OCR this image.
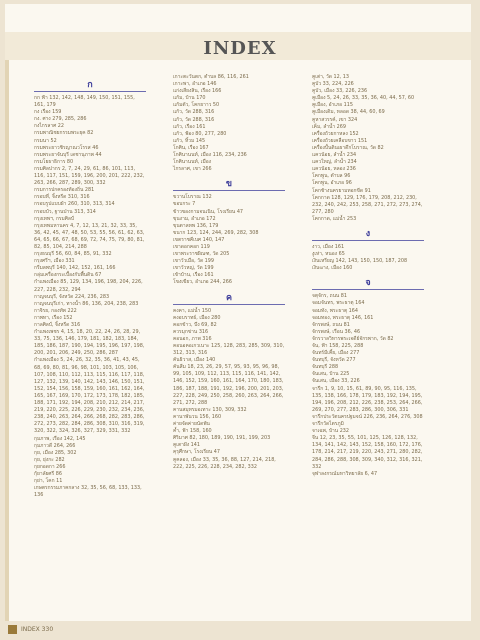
INDEX
ก
กก ฟ้า 132, 142, 148, 149, 150, 151, 155, 161, 179
กง เรือง 159
กง. ศาง 279, 285, 286
กงไกรลาศ 22
กรมพาณิชยกรรมพระยุค 82
กรมนา 52
กรมพระยาวชิรญาณวโรรส 46
กรมพระยาจันบุรี เดชานุภาพ 44
กรมโยธาธิการ 80
กรมศิลปากร 2, 7, 24, 29, 61, 86, 101, 113, 116, 117, 151, 159, 196, 200, 201, 222, 232, 263, 266, 287, 289, 300, 332
กรมการปกครองท้องถิ่น 281
กรอบที่, จิ้งหรีด 310, 316
กรอบรูปแบบผ้า 260, 310, 313, 314
กรอบบัว, ฐานป่าน 313, 314
กรุงเทพฯ, กรมศิลป์
กรุงเทพมหานคร 4, 7, 12, 13, 21, 32, 33, 35, 36, 42, 45, 47, 48, 50, 53, 55, 56, 61, 62, 63, 64, 65, 66, 67, 68, 69, 72, 74, 75, 79, 80, 81, 82, 85, 104, 214, 288
กรุงธนบุรี 56, 60, 84, 85, 91, 332
กรุงศรีฯ, เมือง 331
กรีมลพบุรี 140, 142, 152, 161, 166
กลุ่มเครื่องกระเบื้องกับพื้นดิน 67
กำแพงเมือง 85, 129, 134, 196, 198, 204, 226, 227, 228, 232, 294
กาญจนบุรี, จังหวัด 224, 236, 283
กาญจนบุรีเก่า, ทางน้ำ 86, 136, 204, 238, 283
กาจิรย, กองทัพ 222
กาพทา, เรือง 152
กาลศิลป์, จิ้งหรีด 316
กำแพงเพชร 4, 15, 18, 20, 22, 24, 26, 28, 29, 33, 75, 136, 146, 179, 181, 182, 183, 184, 185, 186, 187, 190, 194, 195, 196, 197, 198, 200, 201, 206, 249, 250, 286, 287
กำแพงเมือง 5, 24, 26, 32, 35, 36, 41, 43, 45, 68, 69, 80, 81, 96, 98, 101, 103, 105, 106, 107, 108, 110, 112, 113, 115, 116, 117, 118, 127, 132, 139, 140, 142, 143, 146, 150, 151, 152, 154, 156, 158, 159, 160, 161, 162, 164, 165, 167, 169, 170, 172, 173, 178, 182, 185, 188, 171, 192, 194, 208, 210, 212, 214, 217, 219, 220, 225, 226, 229, 230, 232, 234, 236, 238, 240, 263, 264, 266, 268, 282, 283, 286, 272, 273, 282, 284, 286, 308, 310, 316, 319, 320, 322, 324, 326, 327, 329, 331, 332
กุมภาพ, เรือง 142, 145
กุมภาวดี 264, 266
กุย, เมือง 285, 302
กุย, ยุ่งกะ 282
กุยกอดกา 266
กุ้ยาลัยศรี 86
กุย่า, โคก 11
เกษตรกรรมภาคกลาง 32, 35, 56, 68, 133, 133, 136
เกาะตะวันตก, ตำบล 86, 116, 261
เกาะพา, อำเภอ 146
แก่งเสียงสิน, เรือง 166
แก้ม, บ้าน 170
แก้มตัว, โคกยาาว 50
แก้ว, วัด 288, 316
แก้ว, วัด 288, 316
แก้ว, เรือง 161
แก้ว, ฟ้อง 80, 277, 280
แก้ว, หิ้วม 145
โกศิน, เรือง 167
โกศินานนท์, เมือง 116, 234, 236
โกศินานนท์, เมือง
ไกรลาศ, เขา 266
ข
ขวานโบราณ 132
ขอบกระ 7
ข้าวของกามจนเนิน, โรงเรียน 47
ขุนงาม, อำเภอ 172
ขุนตาลทพ 136, 179
ขนาก 123, 124, 244, 269, 282, 308
เขตราชคีเบศ 140, 147
เขาดอกคอก 119
เขาพระราชผิณฑ, วัด 205
เขาวัวเมือ, วัด 199
เขาวัวหญ่, วัด 199
เข้าบ้าน, เรือง 161
โขงเขียว, อำเภอ 244, 266
ค
คงคา, แม่น้ำ 150
คงอบราทธ์, เมือง 280
คอกข้าว, บึง 69, 82
ควรมุกข่าน 316
คอนอก, ภาพ 316
คอนอคอเกวเนาะ 125, 128, 283, 285, 309, 310, 312, 313, 316
คันธิวาส, เมือง 140
คันสีม 18, 23, 26, 29, 57, 95, 93, 95, 96, 98, 99, 105, 109, 112, 113, 115, 116, 141, 142, 146, 152, 159, 160, 161, 164, 170, 180, 183, 186, 187, 188, 191, 192, 196, 200, 201, 203, 227, 228, 249, 250, 258, 260, 263, 264, 266, 271, 272, 288
คานสมุทรมอเทาะ 130, 309, 332
คานาพันวน 156, 160
ค่ายจัดค่ายนัดพ้น
ค้ำ, ฟ้า 158, 160
ศิริมาศ 82, 180, 189, 190, 191, 199, 203
คูเตาฝัง 141
คุรุศึกษา, โรงเรียน 47
คูคลอง, เมือง 33, 35, 36, 88, 127, 214, 218, 222, 225, 226, 228, 234, 282, 332
คูเต่า, วัด 12, 13
คูบัว 33, 224, 226
คูบัว, เมือง 33, 226, 236
คูเมือง 5, 24, 26, 33, 35, 36, 40, 44, 57, 60
คูเมือง, อำเภอ 115
คูเมืองเดิม, หลอด 38, 44, 60, 69
คูหาสวรรค์, เขา 324
เค็ม, ลำน้ำ 269
เครื่องถ้วยกาหลง 152
เครื่องถ้วยเคลือบขาว 151
เครื่องปั้นดินเผาดึกโบราณ, วัด 82
แควน้อย, ลำน้ำ 234
แควใหญ่, ลำน้ำ 234
แควน้อย, หลอง 236
โคกพูน, ตำบล 96
โคกพูน, อำเภอ 96
โคกช้างนครยามทอกขีด 91
โคกกาด 128, 129, 176, 179, 208, 212, 230, 232, 240, 242, 253, 258, 271, 272, 273, 274, 277, 280
โคกกาด, แม่น้ำ 253
ง
งาว, เมือง 161
งูเห่า, หนอง 65
เงินเหรียญ 142, 143, 150, 150, 187, 208
เงินฆาง, เมือง 160
จ
จตุจักร, ถนน 81
จอมจันทร, พระธาตุ 164
จอมทัง, พระธาตุ 164
จอมทอง, พระธาตุ 146, 161
จักรพงษ์, ถนน 81
จักรพงษ์, เรือน 36, 46
จักรวาลวิหารพระเจดีย์จักรพาก, วัด 82
จัน, ฟ้า 158, 225, 288
จันทร์มีเคี้ย, เมือง 277
จันทบุรี, จังหวัด 277
จันทบุรี 288
จันเสน, บ้าน 225
จันเสน, เมือง 33, 226
จารึก 1, 9, 10, 15, 61, 89, 90, 95, 116, 135, 135, 138, 166, 178, 179, 183, 192, 194, 195, 194, 196, 208, 212, 226, 238, 253, 264, 266, 269, 270, 277, 283, 286, 300, 306, 331
จารึกประวัตนครปฐมจน์ 226, 236, 264, 276, 308
จารึกวัดไตรภูมิ
จาเฉพ, บ้าน 232
จีน 12, 23, 35, 55, 101, 125, 126, 128, 132, 134, 141, 142, 143, 152, 158, 160, 172, 176, 178, 214, 217, 219, 220, 243, 271, 280, 282, 284, 286, 288, 308, 309, 340, 312, 316, 321, 332
จุฬาลงกรณ์มหาวิทยาลัย 6, 47
INDEX 330
